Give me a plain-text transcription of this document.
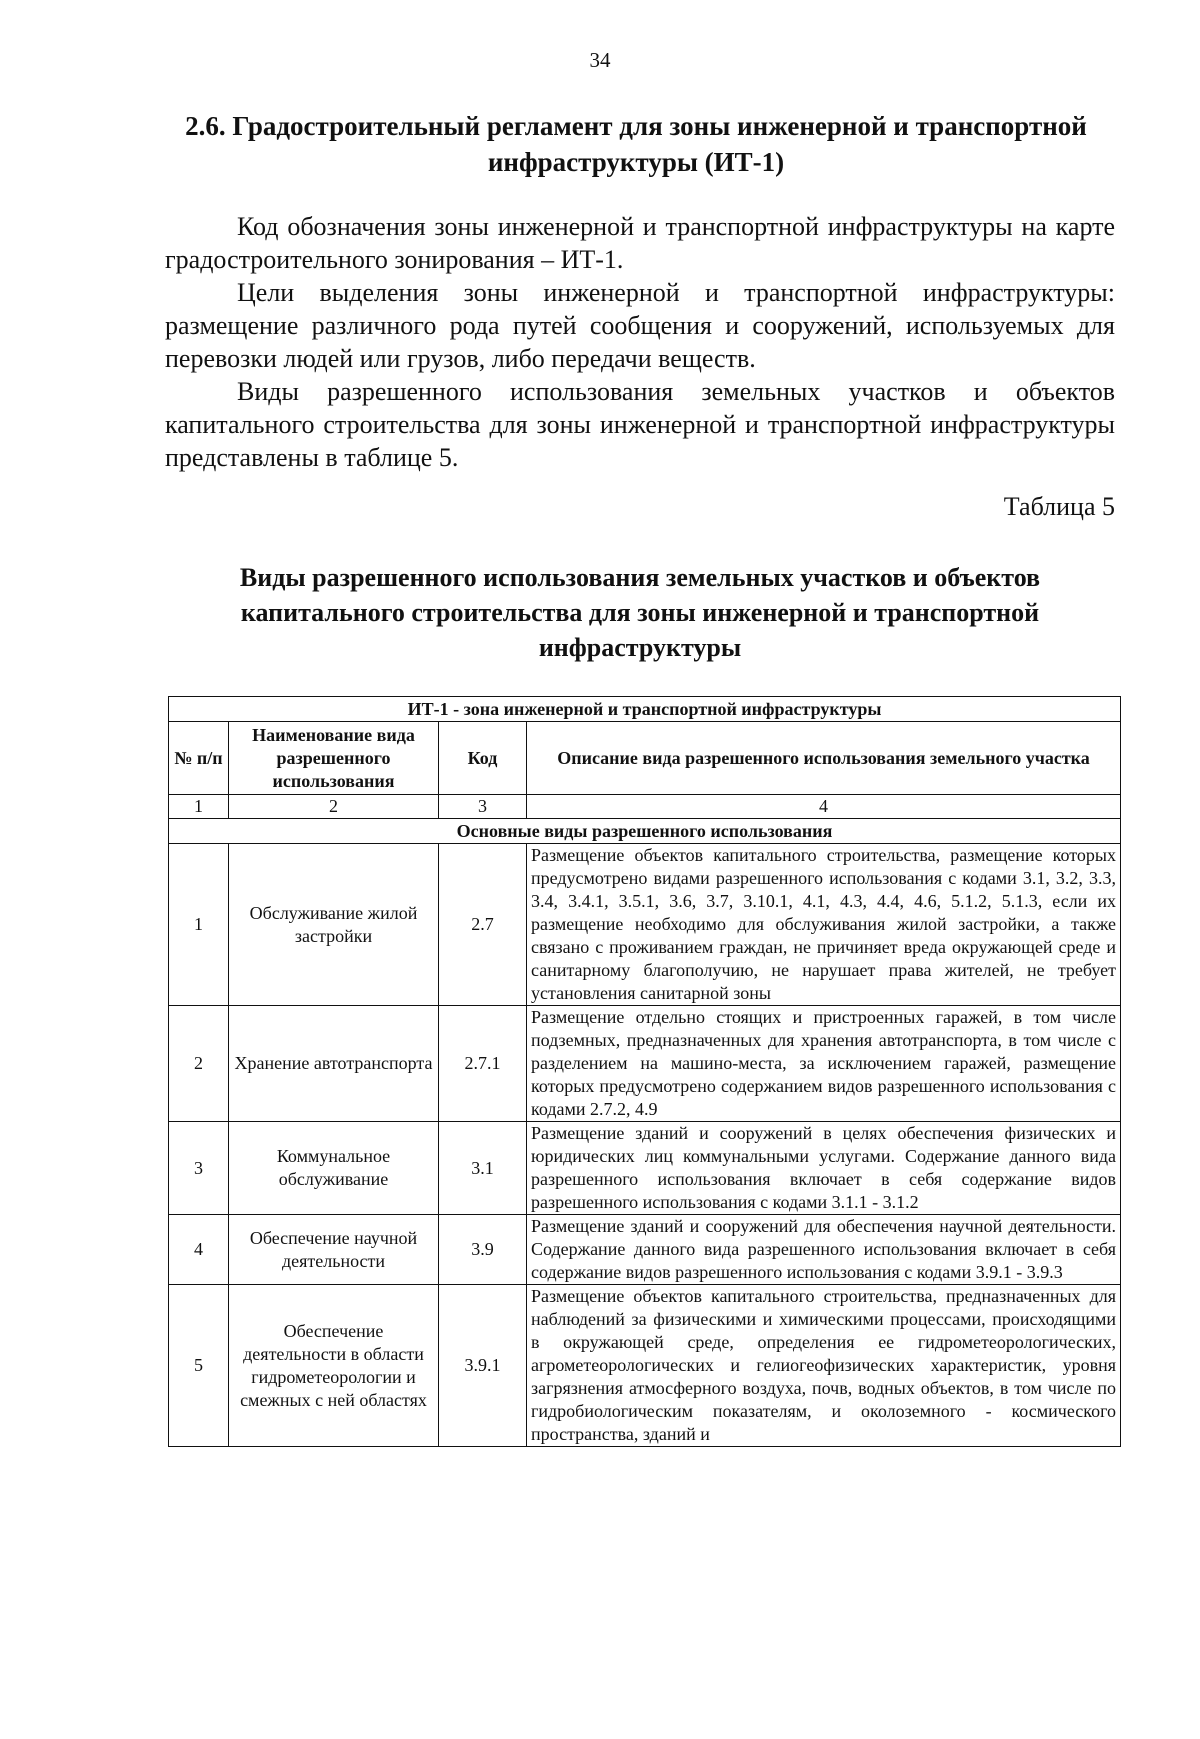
34
2.6. Градостроительный регламент для зоны инженерной и транспортной инфраструктуры (ИТ-1)

Код обозначения зоны инженерной и транспортной инфраструктуры на карте градостроительного зонирования – ИТ-1.

Цели выделения зоны инженерной и транспортной инфраструктуры: размещение различного рода путей сообщения и сооружений, используемых для перевозки людей или грузов, либо передачи веществ.

Виды разрешенного использования земельных участков и объектов капитального строительства для зоны инженерной и транспортной инфраструктуры представлены в таблице 5.

Таблица 5
Виды разрешенного использования земельных участков и объектов капитального строительства для зоны инженерной и транспортной инфраструктуры
ИТ-1 - зона инженерной и транспортной инфраструктуры			
№ п/п	Наименование вида разрешенного использования	Код	Описание вида разрешенного использования земельного участка
1	2	3	4
Основные виды разрешенного использования			
1	Обслуживание жилой застройки	2.7	Размещение объектов капитального строительства, размещение которых предусмотрено видами разрешенного использования с кодами 3.1, 3.2, 3.3, 3.4, 3.4.1, 3.5.1, 3.6, 3.7, 3.10.1, 4.1, 4.3, 4.4, 4.6, 5.1.2, 5.1.3, если их размещение необходимо для обслуживания жилой застройки, а также связано с проживанием граждан, не причиняет вреда окружающей среде и санитарному благополучию, не нарушает права жителей, не требует установления санитарной зоны
2	Хранение автотранспорта	2.7.1	Размещение отдельно стоящих и пристроенных гаражей, в том числе подземных, предназначенных для хранения автотранспорта, в том числе с разделением на машино-места, за исключением гаражей, размещение которых предусмотрено содержанием видов разрешенного использования с кодами 2.7.2, 4.9
3	Коммунальное обслуживание	3.1	Размещение зданий и сооружений в целях обеспечения физических и юридических лиц коммунальными услугами. Содержание данного вида разрешенного использования включает в себя содержание видов разрешенного использования с кодами 3.1.1 - 3.1.2
4	Обеспечение научной деятельности	3.9	Размещение зданий и сооружений для обеспечения научной деятельности. Содержание данного вида разрешенного использования включает в себя содержание видов разрешенного использования с кодами 3.9.1 - 3.9.3
5	Обеспечение деятельности в области гидрометеорологии и смежных с ней областях	3.9.1	Размещение объектов капитального строительства, предназначенных для наблюдений за физическими и химическими процессами, происходящими в окружающей среде, определения ее гидрометеорологических, агрометеорологических и гелиогеофизических характеристик, уровня загрязнения атмосферного воздуха, почв, водных объектов, в том числе по гидробиологическим показателям, и околоземного - космического пространства, зданий и
